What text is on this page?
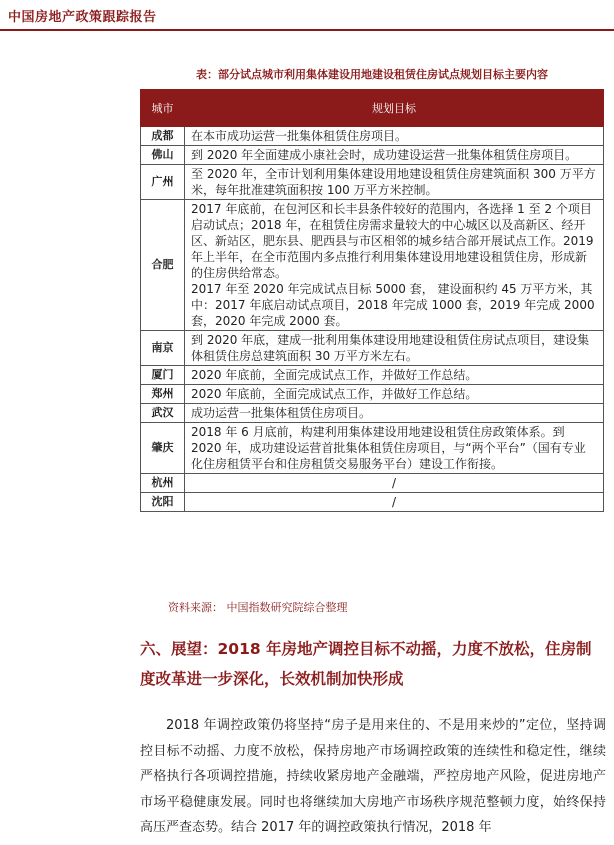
中国房地产政策跟踪报告
表：部分试点城市利用集体建设用地建设租赁住房试点规划目标主要内容
城市	规划目标
成都	在本市成功运营一批集体租赁住房项目。

佛山	到 2020 年全面建成小康社会时，成功建设运营一批集体租赁住房项目。

广州	至 2020 年，全市计划利用集体建设用地建设租赁住房建筑面积 300 万平方米，每年批准建筑面积按 100 万平方米控制。

合肥	2017 年底前，在包河区和长丰县条件较好的范围内，各选择 1 至 2 个项目启动试点；2018 年，在租赁住房需求量较大的中心城区以及高新区、经开区、新站区，肥东县、肥西县与市区相邻的城乡结合部开展试点工作。2019 年上半年，在全市范围内多点推行利用集体建设用地建设租赁住房，形成新的住房供给常态。
2017 年至 2020 年完成试点目标 5000 套， 建设面积约 45 万平方米，其中：2017 年底启动试点项目，2018 年完成 1000 套，2019 年完成 2000 套，2020 年完成 2000 套。

南京	到 2020 年底，建成一批利用集体建设用地建设租赁住房试点项目，建设集体租赁住房总建筑面积 30 万平方米左右。

厦门	2020 年底前，全面完成试点工作，并做好工作总结。

郑州	2020 年底前，全面完成试点工作，并做好工作总结。

武汉	成功运营一批集体租赁住房项目。

肇庆	2018 年 6 月底前，构建利用集体建设用地建设租赁住房政策体系。到 2020 年，成功建设运营首批集体租赁住房项目，与“两个平台”（国有专业化住房租赁平台和住房租赁交易服务平台）建设工作衔接。

杭州	/

沈阳	/
资料来源： 中国指数研究院综合整理
六、展望：2018 年房地产调控目标不动摇，力度不放松，住房制度改革进一步深化，长效机制加快形成
2018 年调控政策仍将坚持“房子是用来住的、不是用来炒的”定位，坚持调控目标不动摇、力度不放松，保持房地产市场调控政策的连续性和稳定性，继续严格执行各项调控措施，持续收紧房地产金融端，严控房地产风险，促进房地产市场平稳健康发展。同时也将继续加大房地产市场秩序规范整顿力度，始终保持高压严查态势。结合 2017 年的调控政策执行情况，2018 年
